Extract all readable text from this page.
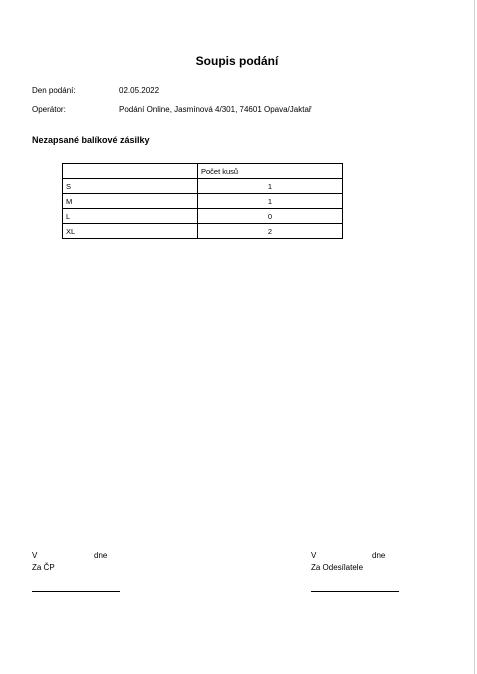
Soupis podání
Den podání:	02.05.2022
Operátor:	Podání Online, Jasmínová 4/301, 74601 Opava/Jaktař
Nezapsané balíkové zásilky
	Počet kusů
S	1
M	1
L	0
XL	2
V	dne
Za ČP
V	dne
Za Odesílatele
